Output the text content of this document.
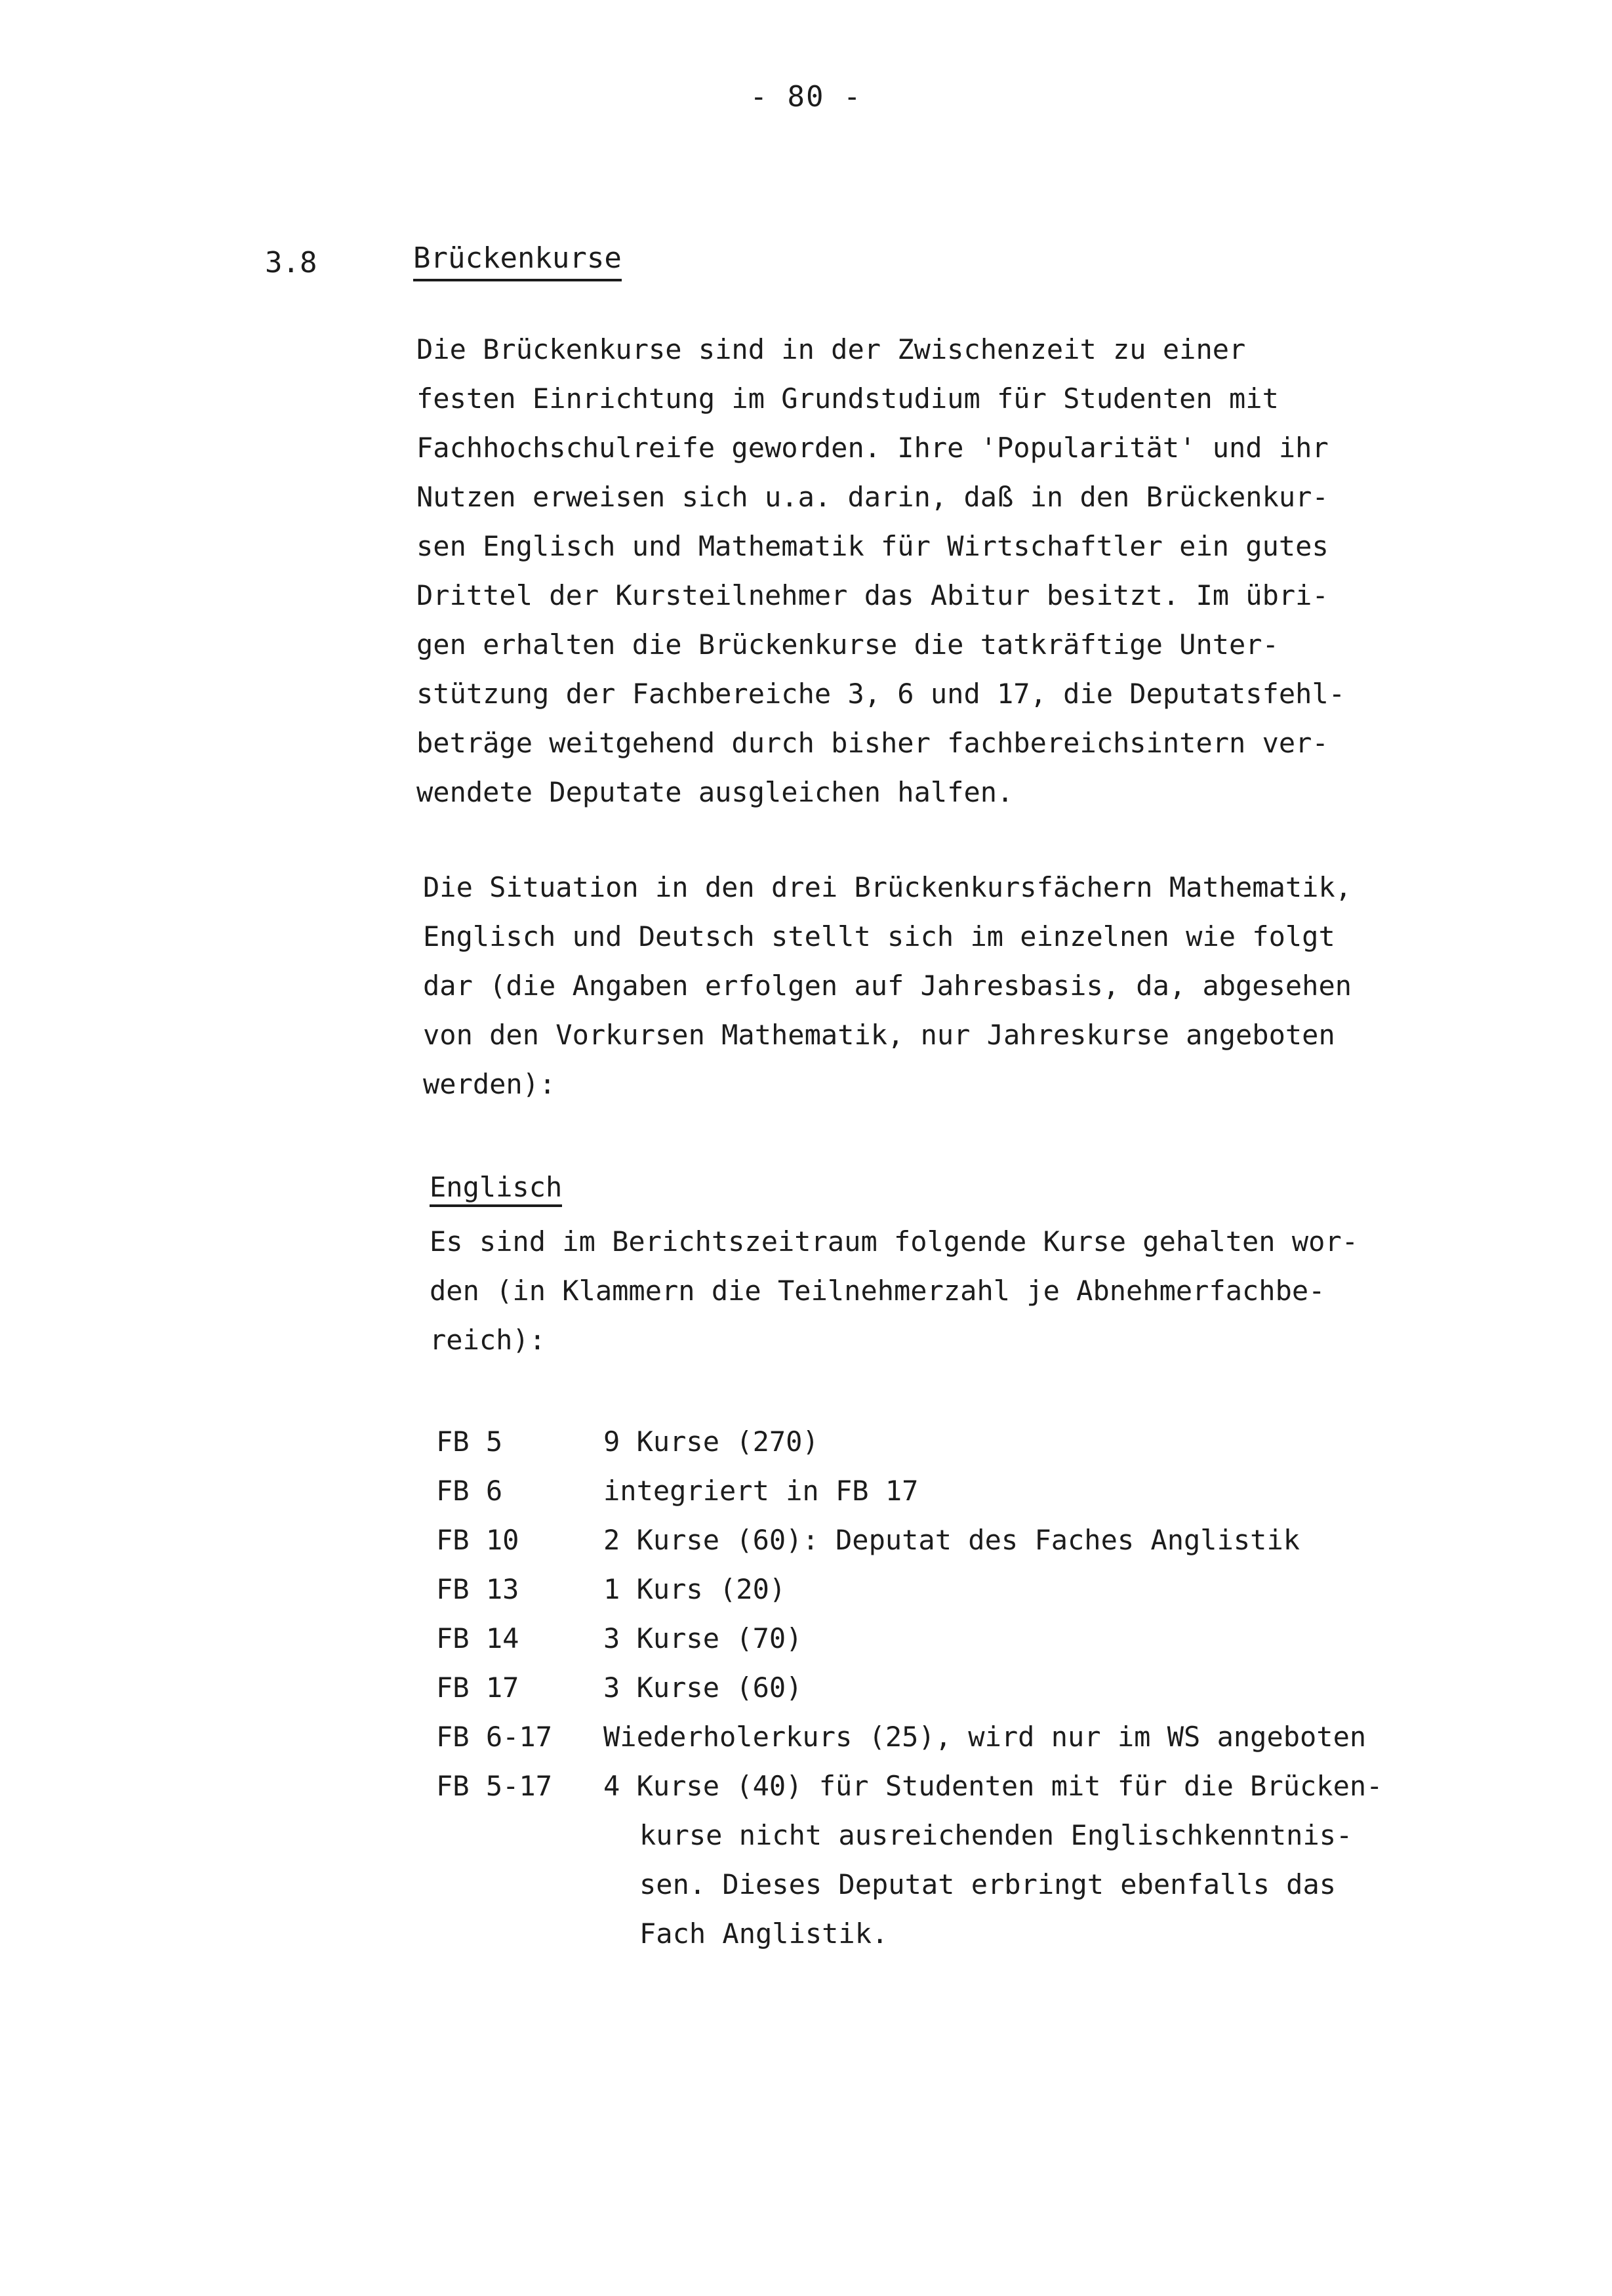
- 80 -
3.8	Brückenkurse

Die Brückenkurse sind in der Zwischenzeit zu einer
festen Einrichtung im Grundstudium für Studenten mit
Fachhochschulreife geworden. Ihre 'Popularität' und ihr
Nutzen erweisen sich u.a. darin, daß in den Brückenkur-
sen Englisch und Mathematik für Wirtschaftler ein gutes
Drittel der Kursteilnehmer das Abitur besitzt. Im übri-
gen erhalten die Brückenkurse die tatkräftige Unter-
stützung der Fachbereiche 3, 6 und 17, die Deputatsfehl-
beträge weitgehend durch bisher fachbereichsintern ver-
wendete Deputate ausgleichen halfen.

Die Situation in den drei Brückenkursfächern Mathematik,
Englisch und Deutsch stellt sich im einzelnen wie folgt
dar (die Angaben erfolgen auf Jahresbasis, da, abgesehen
von den Vorkursen Mathematik, nur Jahreskurse angeboten
werden):

Englisch

Es sind im Berichtszeitraum folgende Kurse gehalten wor-
den (in Klammern die Teilnehmerzahl je Abnehmerfachbe-
reich):

FB 5	9 Kurse (270)
FB 6	integriert in FB 17
FB 10	2 Kurse (60): Deputat des Faches Anglistik
FB 13	1 Kurs (20)
FB 14	3 Kurse (70)
FB 17	3 Kurse (60)
FB 6-17	Wiederholerkurs (25), wird nur im WS angeboten
FB 5-17	4 Kurse (40) für Studenten mit für die Brücken-
kurse nicht ausreichenden Englischkenntnis-
sen. Dieses Deputat erbringt ebenfalls das
Fach Anglistik.
